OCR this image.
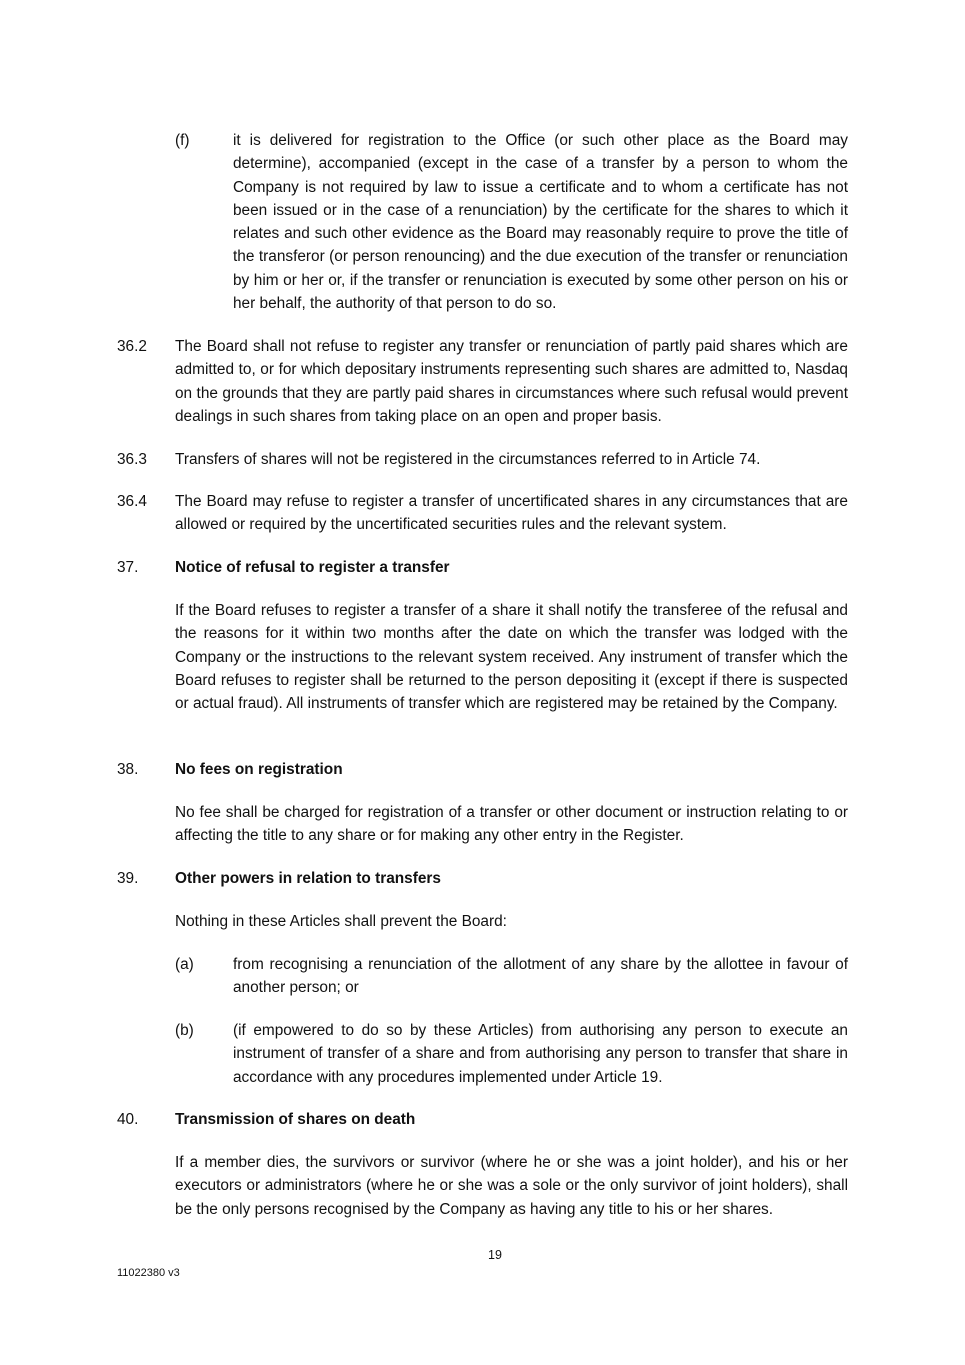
(f)	it is delivered for registration to the Office (or such other place as the Board may determine), accompanied (except in the case of a transfer by a person to whom the Company is not required by law to issue a certificate and to whom a certificate has not been issued or in the case of a renunciation) by the certificate for the shares to which it relates and such other evidence as the Board may reasonably require to prove the title of the transferor (or person renouncing) and the due execution of the transfer or renunciation by him or her or, if the transfer or renunciation is executed by some other person on his or her behalf, the authority of that person to do so.

36.2 The Board shall not refuse to register any transfer or renunciation of partly paid shares which are admitted to, or for which depositary instruments representing such shares are admitted to, Nasdaq on the grounds that they are partly paid shares in circumstances where such refusal would prevent dealings in such shares from taking place on an open and proper basis.

36.3 Transfers of shares will not be registered in the circumstances referred to in Article 74.

36.4 The Board may refuse to register a transfer of uncertificated shares in any circumstances that are allowed or required by the uncertificated securities rules and the relevant system.

37. Notice of refusal to register a transfer

If the Board refuses to register a transfer of a share it shall notify the transferee of the refusal and the reasons for it within two months after the date on which the transfer was lodged with the Company or the instructions to the relevant system received. Any instrument of transfer which the Board refuses to register shall be returned to the person depositing it (except if there is suspected or actual fraud). All instruments of transfer which are registered may be retained by the Company.

38. No fees on registration

No fee shall be charged for registration of a transfer or other document or instruction relating to or affecting the title to any share or for making any other entry in the Register.

39. Other powers in relation to transfers

Nothing in these Articles shall prevent the Board:

(a)	from recognising a renunciation of the allotment of any share by the allottee in favour of another person; or

(b)	(if empowered to do so by these Articles) from authorising any person to execute an instrument of transfer of a share and from authorising any person to transfer that share in accordance with any procedures implemented under Article 19.

40. Transmission of shares on death

If a member dies, the survivors or survivor (where he or she was a joint holder), and his or her executors or administrators (where he or she was a sole or the only survivor of joint holders), shall be the only persons recognised by the Company as having any title to his or her shares.

19
11022380 v3
